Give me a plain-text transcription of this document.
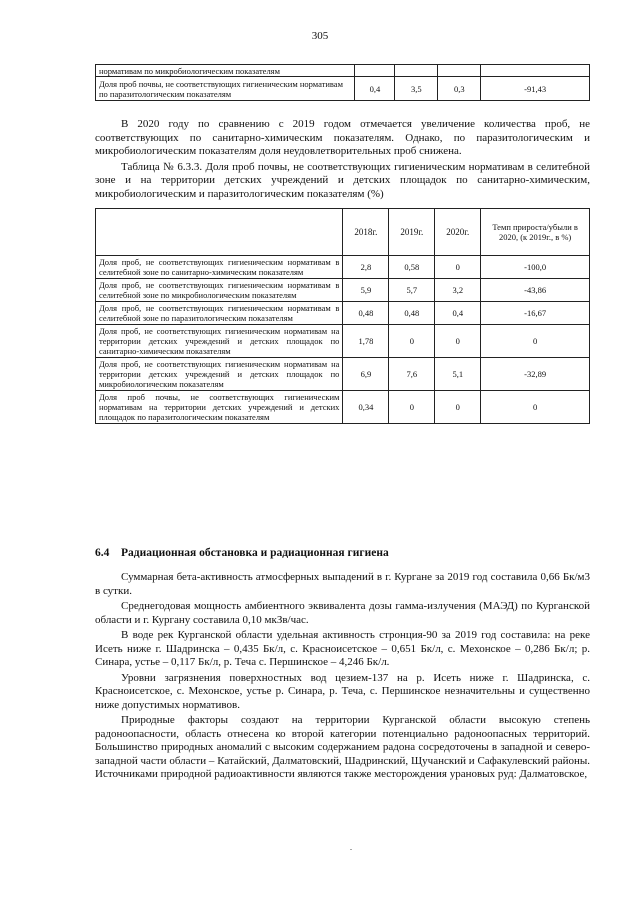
305
нормативам по микробиологическим показателям				
Доля проб почвы, не соответствующих гигиеническим нормативам по паразитологическим показателям	0,4	3,5	0,3	-91,43

В 2020 году по сравнению с 2019 годом отмечается увеличение количества проб, не соответствующих по санитарно-химическим показателям. Однако, по паразитологическим и микробиологическим показателям доля неудовлетворительных проб снижена.

Таблица № 6.3.3. Доля проб почвы, не соответствующих гигиеническим нормативам в селитебной зоне и на территории детских учреждений и детских площадок по санитарно-химическим, микробиологическим и паразитологическим показателям (%)

	2018г.	2019г.	2020г.	Темп прироста/убыли в 2020, (к 2019г., в %)
Доля проб, не соответствующих гигиеническим нормативам в селитебной зоне по санитарно-химическим показателям	2,8	0,58	0	-100,0
Доля проб, не соответствующих гигиеническим нормативам в селитебной зоне по микробиологическим показателям	5,9	5,7	3,2	-43,86
Доля проб, не соответствующих гигиеническим нормативам в селитебной зоне по паразитологическим показателям	0,48	0,48	0,4	-16,67
Доля проб, не соответствующих гигиеническим нормативам на территории детских учреждений и детских площадок по санитарно-химическим показателям	1,78	0	0	0
Доля проб, не соответствующих гигиеническим нормативам на территории детских учреждений и детских площадок по микробиологическим показателям	6,9	7,6	5,1	-32,89
Доля проб почвы, не соответствующих гигиеническим нормативам на территории детских учреждений и детских площадок по паразитологическим показателям	0,34	0	0	0
6.4 Радиационная обстановка и радиационная гигиена

Суммарная бета-активность атмосферных выпадений в г. Кургане за 2019 год составила 0,66 Бк/м3 в сутки.

Среднегодовая мощность амбиентного эквивалента дозы гамма-излучения (МАЭД) по Курганской области и г. Кургану составила 0,10 мкЗв/час.

В воде рек Курганской области удельная активность стронция-90 за 2019 год составила: на реке Исеть ниже г. Шадринска – 0,435 Бк/л, с. Красноисетское – 0,651 Бк/л, с. Мехонское – 0,286 Бк/л; р. Синара, устье – 0,117 Бк/л, р. Теча с. Першинское – 4,246 Бк/л.

Уровни загрязнения поверхностных вод цезием-137 на р. Исеть ниже г. Шадринска, с. Красноисетское, с. Мехонское, устье р. Синара, р. Теча, с. Першинское незначительны и существенно ниже допустимых нормативов.

Природные факторы создают на территории Курганской области высокую степень радоноопасности, область отнесена ко второй категории потенциально радоноопасных территорий. Большинство природных аномалий с высоким содержанием радона сосредоточены в западной и северо-западной части области – Катайский, Далматовский, Шадринский, Щучанский и Сафакулевский районы. Источниками природной радиоактивности являются также месторождения урановых руд: Далматовское,

.
